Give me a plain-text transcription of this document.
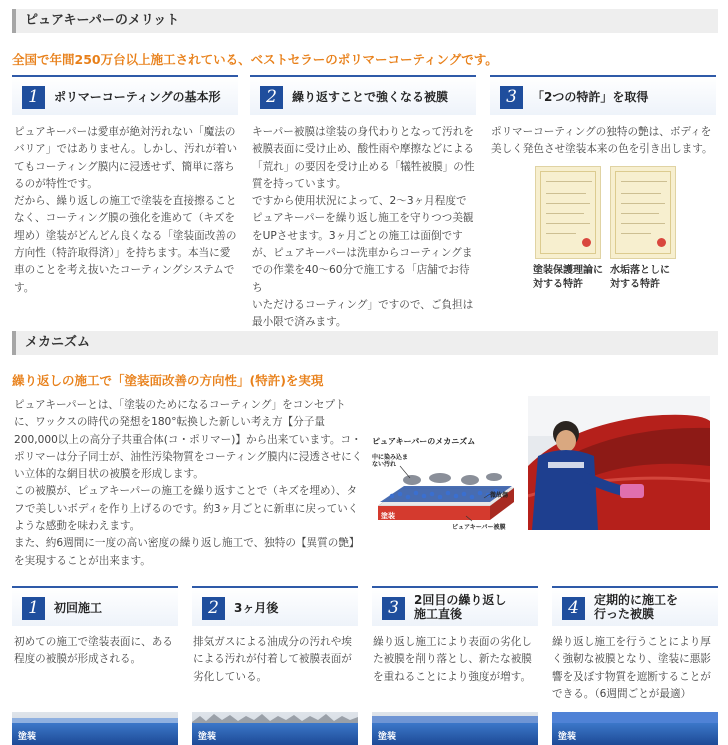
ピュアキーパーのメリット
全国で年間250万台以上施工されている、ベストセラーのポリマーコーティングです。
1	ポリマーコーティングの基本形
ピュアキーパーは愛車が絶対汚れない「魔法の
バリア」ではありません。しかし、汚れが着い
てもコーティング膜内に浸透せず、簡単に落ち
るのが特性です。
だから、繰り返しの施工で塗装を直接擦ること
なく、コーティング膜の強化を進めて（キズを
埋め）塗装がどんどん良くなる「塗装面改善の
方向性（特許取得済）」を持ちます。本当に愛
車のことを考え抜いたコーティングシステムで
す。
2	繰り返すことで強くなる被膜
キーパー被膜は塗装の身代わりとなって汚れを
被膜表面に受け止め、酸性雨や摩擦などによる
「荒れ」の要因を受け止める「犠牲被膜」の性
質を持っています。
ですから使用状況によって、2〜3ヶ月程度で
ピュアキーパーを繰り返し施工を守りつつ美観
をUPさせます。3ヶ月ごとの施工は面倒です
が、ピュアキーパーは洗車からコーティングま
での作業を40〜60分で施工する「店舗でお待ち
いただけるコーティング」ですので、ご負担は
最小限で済みます。
3	「2つの特許」を取得
ポリマーコーティングの独特の艶は、ボディを
美しく発色させ塗装本来の色を引き出します。
塗装保護理論に
対する特許
水垢落としに
対する特許
メカニズム
繰り返しの施工で「塗装面改善の方向性」(特許)を実現
ピュアキーパーとは、「塗装のためになるコーティング」をコンセプト
に、ワックスの時代の発想を180°転換した新しい考え方【分子量
200,000以上の高分子共重合体(コ・ポリマー)】から出来ています。コ・
ポリマーは分子同士が、油性汚染物質をコーティング膜内に浸透させにく
い立体的な網目状の被膜を形成します。
この被膜が、ピュアキーパーの施工を繰り返すことで（キズを埋め）、タ
フで美しいボディを作り上げるのです。約3ヶ月ごとに新車に戻っていく
ような感動を味わえます。
また、約6週間に一度の高い密度の繰り返し施工で、独特の【異質の艶】
を実現することが出来ます。
ピュアキーパーのメカニズム
中に染み込まない汚れ
微故傷
塗装
ピュアキーパー被膜
1	初回施工
初めての施工で塗装表面に、ある
程度の被膜が形成される。
塗装
2	3ヶ月後
排気ガスによる油成分の汚れや埃
による汚れが付着して被膜表面が
劣化している。
塗装
3	2回目の繰り返し
施工直後
繰り返し施工により表面の劣化し
た被膜を削り落とし、新たな被膜
を重ねることにより強度が増す。
塗装
4	定期的に施工を
行った被膜
繰り返し施工を行うことにより厚
く強靭な被膜となり、塗装に悪影
響を及ぼす物質を遮断することが
できる。（6週間ごとが最適）
塗装
